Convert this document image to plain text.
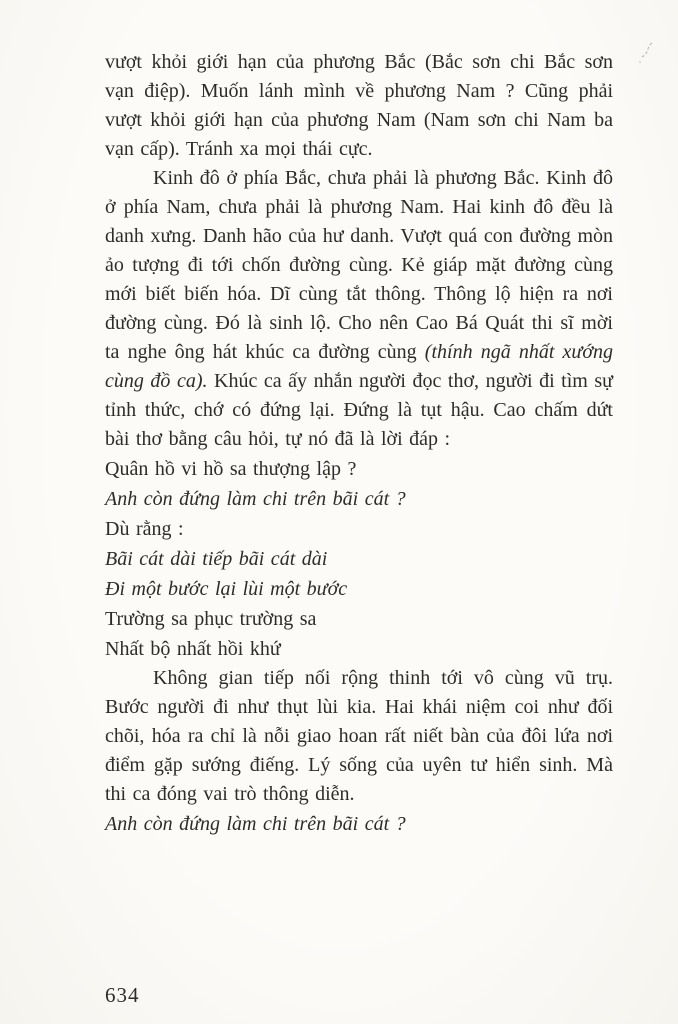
vượt khỏi giới hạn của phương Bắc (Bắc sơn chi Bắc sơn vạn điệp). Muốn lánh mình về phương Nam ? Cũng phải vượt khỏi giới hạn của phương Nam (Nam sơn chi Nam ba vạn cấp). Tránh xa mọi thái cực.

Kinh đô ở phía Bắc, chưa phải là phương Bắc. Kinh đô ở phía Nam, chưa phải là phương Nam. Hai kinh đô đều là danh xưng. Danh hão của hư danh. Vượt quá con đường mòn ảo tượng đi tới chốn đường cùng. Kẻ giáp mặt đường cùng mới biết biến hóa. Dĩ cùng tắt thông. Thông lộ hiện ra nơi đường cùng. Đó là sinh lộ. Cho nên Cao Bá Quát thi sĩ mời ta nghe ông hát khúc ca đường cùng (thính ngã nhất xướng cùng đồ ca). Khúc ca ấy nhắn người đọc thơ, người đi tìm sự tỉnh thức, chớ có đứng lại. Đứng là tụt hậu. Cao chấm dứt bài thơ bằng câu hỏi, tự nó đã là lời đáp :

Quân hồ vi hồ sa thượng lập ?

Anh còn đứng làm chi trên bãi cát ?

Dù rằng :

Bãi cát dài tiếp bãi cát dài

Đi một bước lại lùi một bước

Trường sa phục trường sa

Nhất bộ nhất hồi khứ

Không gian tiếp nối rộng thinh tới vô cùng vũ trụ. Bước người đi như thụt lùi kia. Hai khái niệm coi như đối chõi, hóa ra chỉ là nỗi giao hoan rất niết bàn của đôi lứa nơi điểm gặp sướng điếng. Lý sống của uyên tư hiển sinh. Mà thi ca đóng vai trò thông diễn.

Anh còn đứng làm chi trên bãi cát ?

634
